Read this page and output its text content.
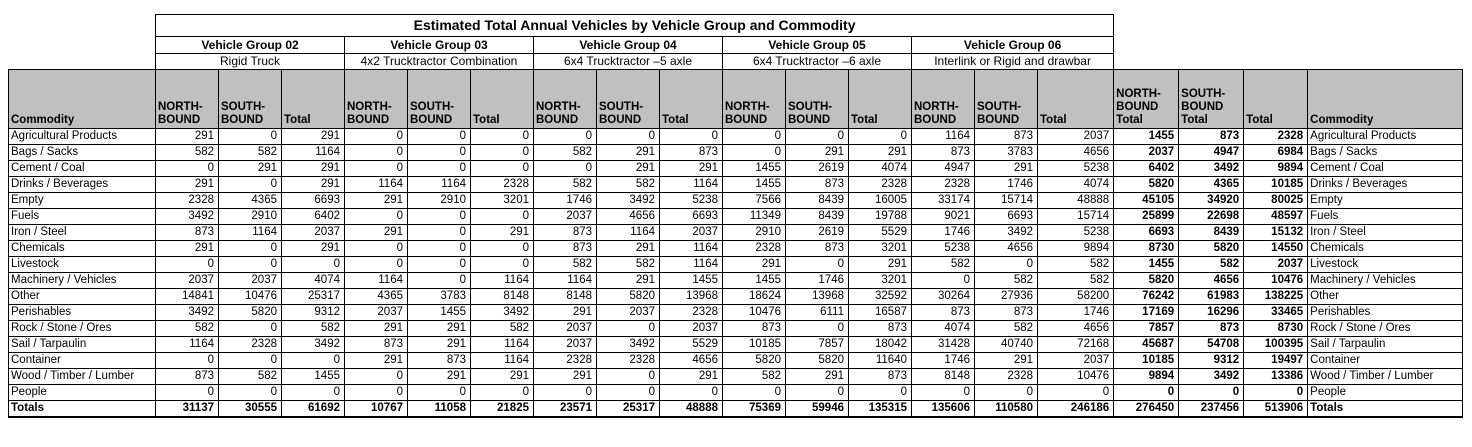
	Estimated Total Annual Vehicles by Vehicle Group and Commodity																		
	Vehicle Group 02			Vehicle Group 03			Vehicle Group 04			Vehicle Group 05			Vehicle Group 06						
	Rigid Truck			4x2 Trucktractor Combination			6x4 Trucktractor –5 axle			6x4 Trucktractor –6 axle			Interlink or Rigid and drawbar						
Commodity	NORTH-BOUND	SOUTH-BOUND	Total	NORTH-BOUND	SOUTH-BOUND	Total	NORTH-BOUND	SOUTH-BOUND	Total	NORTH-BOUND	SOUTH-BOUND	Total	NORTH-BOUND	SOUTH-BOUND	Total	NORTH-BOUND Total	SOUTH-BOUND Total	Total	Commodity
Agricultural Products	291	0	291	0	0	0	0	0	0	0	0	0	1164	873	2037	1455	873	2328	Agricultural Products
Bags / Sacks	582	582	1164	0	0	0	582	291	873	0	291	291	873	3783	4656	2037	4947	6984	Bags / Sacks
Cement / Coal	0	291	291	0	0	0	0	291	291	1455	2619	4074	4947	291	5238	6402	3492	9894	Cement / Coal
Drinks / Beverages	291	0	291	1164	1164	2328	582	582	1164	1455	873	2328	2328	1746	4074	5820	4365	10185	Drinks / Beverages
Empty	2328	4365	6693	291	2910	3201	1746	3492	5238	7566	8439	16005	33174	15714	48888	45105	34920	80025	Empty
Fuels	3492	2910	6402	0	0	0	2037	4656	6693	11349	8439	19788	9021	6693	15714	25899	22698	48597	Fuels
Iron / Steel	873	1164	2037	291	0	291	873	1164	2037	2910	2619	5529	1746	3492	5238	6693	8439	15132	Iron / Steel
Chemicals	291	0	291	0	0	0	873	291	1164	2328	873	3201	5238	4656	9894	8730	5820	14550	Chemicals
Livestock	0	0	0	0	0	0	582	582	1164	291	0	291	582	0	582	1455	582	2037	Livestock
Machinery / Vehicles	2037	2037	4074	1164	0	1164	1164	291	1455	1455	1746	3201	0	582	582	5820	4656	10476	Machinery / Vehicles
Other	14841	10476	25317	4365	3783	8148	8148	5820	13968	18624	13968	32592	30264	27936	58200	76242	61983	138225	Other
Perishables	3492	5820	9312	2037	1455	3492	291	2037	2328	10476	6111	16587	873	873	1746	17169	16296	33465	Perishables
Rock / Stone / Ores	582	0	582	291	291	582	2037	0	2037	873	0	873	4074	582	4656	7857	873	8730	Rock / Stone / Ores
Sail / Tarpaulin	1164	2328	3492	873	291	1164	2037	3492	5529	10185	7857	18042	31428	40740	72168	45687	54708	100395	Sail / Tarpaulin
Container	0	0	0	291	873	1164	2328	2328	4656	5820	5820	11640	1746	291	2037	10185	9312	19497	Container
Wood / Timber / Lumber	873	582	1455	0	291	291	291	0	291	582	291	873	8148	2328	10476	9894	3492	13386	Wood / Timber / Lumber
People	0	0	0	0	0	0	0	0	0	0	0	0	0	0	0	0	0	0	People
Totals	31137	30555	61692	10767	11058	21825	23571	25317	48888	75369	59946	135315	135606	110580	246186	276450	237456	513906	Totals
